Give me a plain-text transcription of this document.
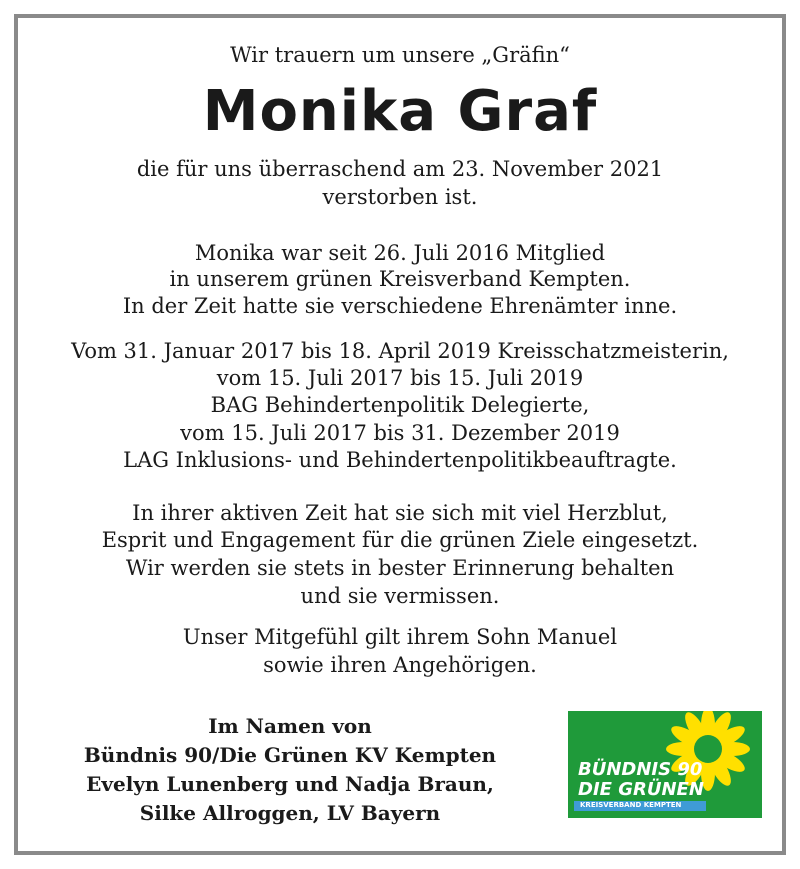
Wir trauern um unsere „Gräfin“
Monika Graf
die für uns überraschend am 23. November 2021
verstorben ist.
Monika war seit 26. Juli 2016 Mitglied
in unserem grünen Kreisverband Kempten.
In der Zeit hatte sie verschiedene Ehrenämter inne.
Vom 31. Januar 2017 bis 18. April 2019 Kreisschatzmeisterin,
vom 15. Juli 2017 bis 15. Juli 2019
BAG Behindertenpolitik Delegierte,
vom 15. Juli 2017 bis 31. Dezember 2019
LAG Inklusions- und Behindertenpolitikbeauftragte.
In ihrer aktiven Zeit hat sie sich mit viel Herzblut,
Esprit und Engagement für die grünen Ziele eingesetzt.
Wir werden sie stets in bester Erinnerung behalten
und sie vermissen.
Unser Mitgefühl gilt ihrem Sohn Manuel
sowie ihren Angehörigen.
Im Namen von
Bündnis 90/Die Grünen KV Kempten
Evelyn Lunenberg und Nadja Braun,
Silke Allroggen, LV Bayern
BÜNDNIS 90
DIE GRÜNEN
KREISVERBAND KEMPTEN
